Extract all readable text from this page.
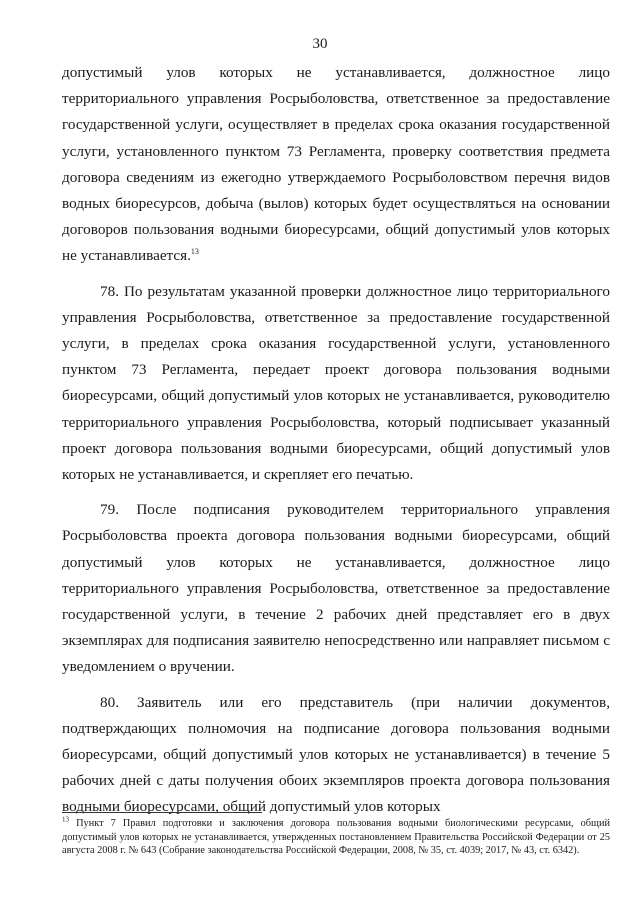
30

допустимый улов которых не устанавливается, должностное лицо территориального управления Росрыболовства, ответственное за предоставление государственной услуги, осуществляет в пределах срока оказания государственной услуги, установленного пунктом 73 Регламента, проверку соответствия предмета договора сведениям из ежегодно утверждаемого Росрыболовством перечня видов водных биоресурсов, добыча (вылов) которых будет осуществляться на основании договоров пользования водными биоресурсами, общий допустимый улов которых не устанавливается.$^{13}$

78. По результатам указанной проверки должностное лицо территориального управления Росрыболовства, ответственное за предоставление государственной услуги, в пределах срока оказания государственной услуги, установленного пунктом 73 Регламента, передает проект договора пользования водными биоресурсами, общий допустимый улов которых не устанавливается, руководителю территориального управления Росрыболовства, который подписывает указанный проект договора пользования водными биоресурсами, общий допустимый улов которых не устанавливается, и скрепляет его печатью.

79. После подписания руководителем территориального управления Росрыболовства проекта договора пользования водными биоресурсами, общий допустимый улов которых не устанавливается, должностное лицо территориального управления Росрыболовства, ответственное за предоставление государственной услуги, в течение 2 рабочих дней представляет его в двух экземплярах для подписания заявителю непосредственно или направляет письмом с уведомлением о вручении.

80. Заявитель или его представитель (при наличии документов, подтверждающих полномочия на подписание договора пользования водными биоресурсами, общий допустимый улов которых не устанавливается) в течение 5 рабочих дней с даты получения обоих экземпляров проекта договора пользования водными биоресурсами, общий допустимый улов которых

$^{13}$ Пункт 7 Правил подготовки и заключения договора пользования водными биологическими ресурсами, общий допустимый улов которых не устанавливается, утвержденных постановлением Правительства Российской Федерации от 25 августа 2008 г. № 643 (Собрание законодательства Российской Федерации, 2008, № 35, ст. 4039; 2017, № 43, ст. 6342).
